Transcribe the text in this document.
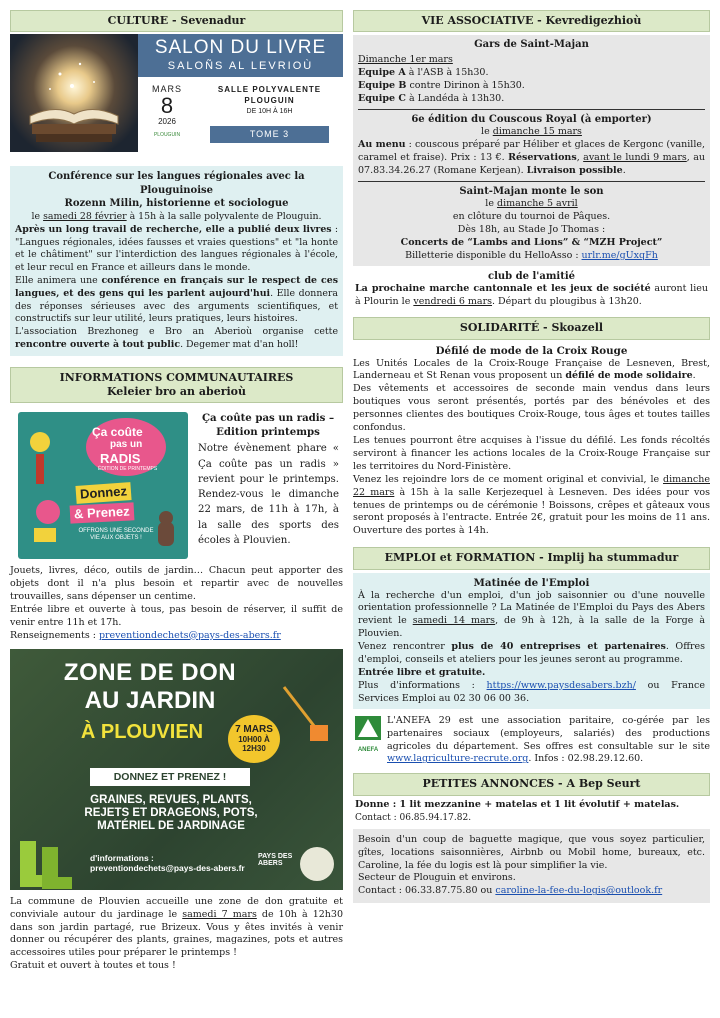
CULTURE - Sevenadur
SALON DU LIVRE
SALOÑS AL LEVRIOÙ
MARS
8
2026
PLOUGUIN
SALLE POLYVALENTE
PLOUGUIN
DE 10H À 16H
TOME 3
Conférence sur les langues régionales avec la Plouguinoise
Rozenn Milin, historienne et sociologue
le samedi 28 février à 15h à la salle polyvalente de Plouguin.
Après un long travail de recherche, elle a publié deux livres : "Langues régionales, idées fausses et vraies questions" et "la honte et le châtiment" sur l'interdiction des langues régionales à l'école, et leur recul en France et ailleurs dans le monde.
Elle animera une conférence en français sur le respect de ces langues, et des gens qui les parlent aujourd'hui. Elle donnera des réponses sérieuses avec des arguments scientifiques, et constructifs sur leur utilité, leurs pratiques, leurs histoires.
L'association Brezhoneg e Bro an Aberioù organise cette rencontre ouverte à tout public. Degemer mat d'an holl!
INFORMATIONS COMMUNAUTAIRES
Keleier bro an aberioù
Ça coûte
pas un
RADIS
ÉDITION DE PRINTEMPS
Donnez
& Prenez
OFFRONS UNE SECONDE VIE AUX OBJETS !
Ça coûte pas un radis –
Edition printemps
Notre évènement phare « Ça coûte pas un radis » revient pour le printemps. Rendez-vous le dimanche 22 mars, de 11h à 17h, à la salle des sports des écoles à Plouvien.
Jouets, livres, déco, outils de jardin… Chacun peut apporter des objets dont il n'a plus besoin et repartir avec de nouvelles trouvailles, sans dépenser un centime.
Entrée libre et ouverte à tous, pas besoin de réserver, il suffit de venir entre 11h et 17h.
Renseignements : preventiondechets@pays-des-abers.fr
ZONE DE DON
AU JARDIN
À PLOUVIEN	7 MARS
10H00 À 12H30
DONNEZ ET PRENEZ !
GRAINES, REVUES, PLANTS,
REJETS ET DRAGEONS, POTS,
MATÉRIEL DE JARDINAGE
d'informations :
preventiondechets@pays-des-abers.fr
PAYS DES ABERS
La commune de Plouvien accueille une zone de don gratuite et conviviale autour du jardinage le samedi 7 mars de 10h à 12h30 dans son jardin partagé, rue Brizeux. Vous y êtes invités à venir donner ou récupérer des plants, graines, magazines, pots et autres accessoires utiles pour préparer le printemps !
Gratuit et ouvert à toutes et tous !
VIE ASSOCIATIVE - Kevredigezhioù
Gars de Saint-Majan
Dimanche 1er mars
Equipe A à l'ASB à 15h30.
Equipe B contre Dirinon à 15h30.
Equipe C à Landéda à 13h30.
6e édition du Couscous Royal (à emporter)
le dimanche 15 mars
Au menu : couscous préparé par Héliber et glaces de Kergonc (vanille, caramel et fraise). Prix : 13 €. Réservations, avant le lundi 9 mars, au 07.83.34.26.27 (Romane Kerjean). Livraison possible.
Saint-Majan monte le son
le dimanche 5 avril
en clôture du tournoi de Pâques.
Dès 18h, au Stade Jo Thomas :
Concerts de “Lambs and Lions” & “MZH Project”
Billetterie disponible du HelloAsso : urlr.me/gUxqFh
club de l'amitié
La prochaine marche cantonnale et les jeux de société auront lieu à Plourin le vendredi 6 mars. Départ du plougibus à 13h20.
SOLIDARITÉ - Skoazell
Défilé de mode de la Croix Rouge
Les Unités Locales de la Croix-Rouge Française de Lesneven, Brest, Landerneau et St Renan vous proposent un défilé de mode solidaire.
Des vêtements et accessoires de seconde main vendus dans leurs boutiques vous seront présentés, portés par des bénévoles et des personnes clientes des boutiques Croix-Rouge, tous âges et toutes tailles confondus.
Les tenues pourront être acquises à l'issue du défilé. Les fonds récoltés serviront à financer les actions locales de la Croix-Rouge Française sur les territoires du Nord-Finistère.
Venez les rejoindre lors de ce moment original et convivial, le dimanche 22 mars à 15h à la salle Kerjezequel à Lesneven. Des idées pour vos tenues de printemps ou de cérémonie ! Boissons, crêpes et gâteaux vous seront proposés à l'entracte. Entrée 2€, gratuit pour les moins de 11 ans. Ouverture des portes à 14h.
EMPLOI et FORMATION - Implij ha stummadur
Matinée de l'Emploi
À la recherche d'un emploi, d'un job saisonnier ou d'une nouvelle orientation professionnelle ? La Matinée de l'Emploi du Pays des Abers revient le samedi 14 mars, de 9h à 12h, à la salle de la Forge à Plouvien.
Venez rencontrer plus de 40 entreprises et partenaires. Offres d'emploi, conseils et ateliers pour les jeunes seront au programme.
Entrée libre et gratuite.
Plus d'informations : https://www.paysdesabers.bzh/ ou France Services Emploi au 02 30 06 00 36.
ANEFA
L'ANEFA 29 est une association paritaire, co-gérée par les partenaires sociaux (employeurs, salariés) des productions agricoles du département. Ses offres est consultable sur le site www.lagriculture-recrute.org. Infos : 02.98.29.12.60.
PETITES ANNONCES - A Bep Seurt
Donne : 1 lit mezzanine + matelas et 1 lit évolutif + matelas.
Contact : 06.85.94.17.82.
Besoin d'un coup de baguette magique, que vous soyez particulier, gîtes, locations saisonnières, Airbnb ou Mobil home, bureaux, etc. Caroline, la fée du logis est là pour simplifier la vie.
Secteur de Plouguin et environs.
Contact : 06.33.87.75.80 ou caroline-la-fee-du-logis@outlook.fr
